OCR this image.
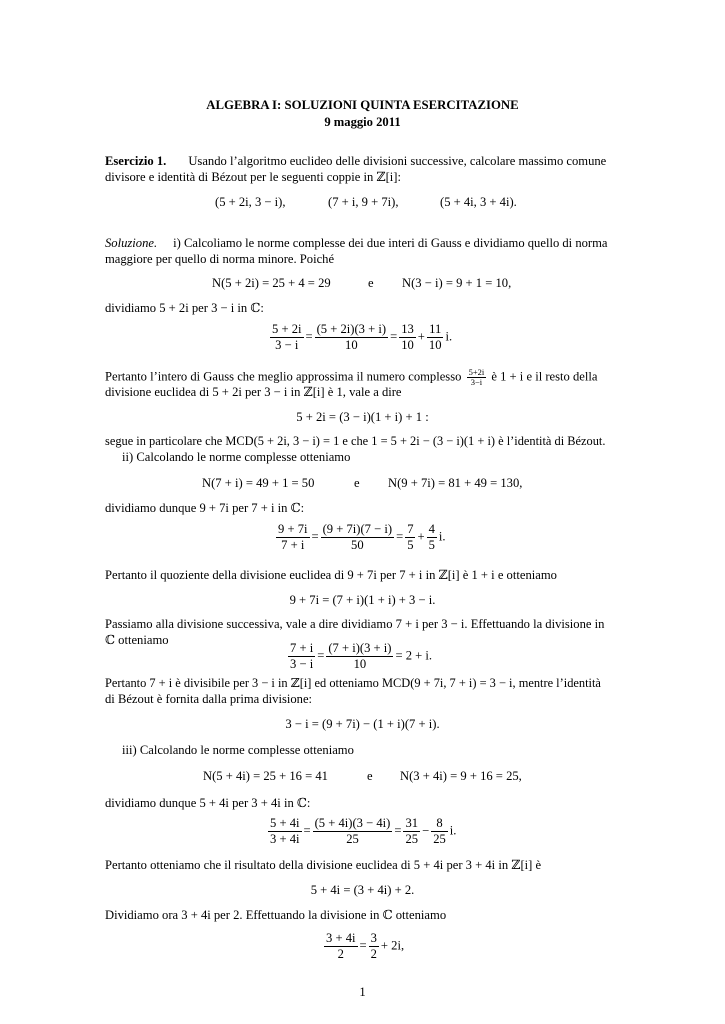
ALGEBRA I: SOLUZIONI QUINTA ESERCITAZIONE
9 maggio 2011
Esercizio 1. Usando l’algoritmo euclideo delle divisioni successive, calcolare massimo comune
divisore e identità di Bézout per le seguenti coppie in ℤ[i]:
(5 + 2i, 3 − i),	(7 + i, 9 + 7i),	(5 + 4i, 3 + 4i).
Soluzione. i) Calcoliamo le norme complesse dei due interi di Gauss e dividiamo quello di norma
maggiore per quello di norma minore. Poiché
N(5 + 2i) = 25 + 4 = 29	e N(3 − i) = 9 + 1 = 10,
dividiamo 5 + 2i per 3 − i in ℂ:
$\frac{5 + 2i}{3 - i} = \frac{(5 + 2i)(3 + i)}{10} = \frac{13}{10} + \frac{11}{10} i$.
Pertanto l’intero di Gauss che meglio approssima il numero complesso $\frac{5+2i}{3-i}$ è 1 + i e il resto della
divisione euclidea di 5 + 2i per 3 − i in ℤ[i] è 1, vale a dire
5 + 2i = (3 − i)(1 + i) + 1 :
segue in particolare che MCD(5 + 2i, 3 − i) = 1 e che 1 = 5 + 2i − (3 − i)(1 + i) è l’identità di Bézout.
ii) Calcolando le norme complesse otteniamo
N(7 + i) = 49 + 1 = 50	e N(9 + 7i) = 81 + 49 = 130,
dividiamo dunque 9 + 7i per 7 + i in ℂ:
$\frac{9 + 7i}{7 + i} = \frac{(9 + 7i)(7 - i)}{50} = \frac{7}{5} + \frac{4}{5} i$.
Pertanto il quoziente della divisione euclidea di 9 + 7i per 7 + i in ℤ[i] è 1 + i e otteniamo
9 + 7i = (7 + i)(1 + i) + 3 − i.
Passiamo alla divisione successiva, vale a dire dividiamo 7 + i per 3 − i. Effettuando la divisione in
ℂ otteniamo
$\frac{7 + i}{3 - i} = \frac{(7 + i)(3 + i)}{10} = 2 + i$.
Pertanto 7 + i è divisibile per 3 − i in ℤ[i] ed otteniamo MCD(9 + 7i, 7 + i) = 3 − i, mentre l’identità
di Bézout è fornita dalla prima divisione:
3 − i = (9 + 7i) − (1 + i)(7 + i).
iii) Calcolando le norme complesse otteniamo
N(5 + 4i) = 25 + 16 = 41	e N(3 + 4i) = 9 + 16 = 25,
dividiamo dunque 5 + 4i per 3 + 4i in ℂ:
$\frac{5 + 4i}{3 + 4i} = \frac{(5 + 4i)(3 - 4i)}{25} = \frac{31}{25} - \frac{8}{25} i$.
Pertanto otteniamo che il risultato della divisione euclidea di 5 + 4i per 3 + 4i in ℤ[i] è
5 + 4i = (3 + 4i) + 2.
Dividiamo ora 3 + 4i per 2. Effettuando la divisione in ℂ otteniamo
$\frac{3 + 4i}{2} = \frac{3}{2} + 2i$,
1
